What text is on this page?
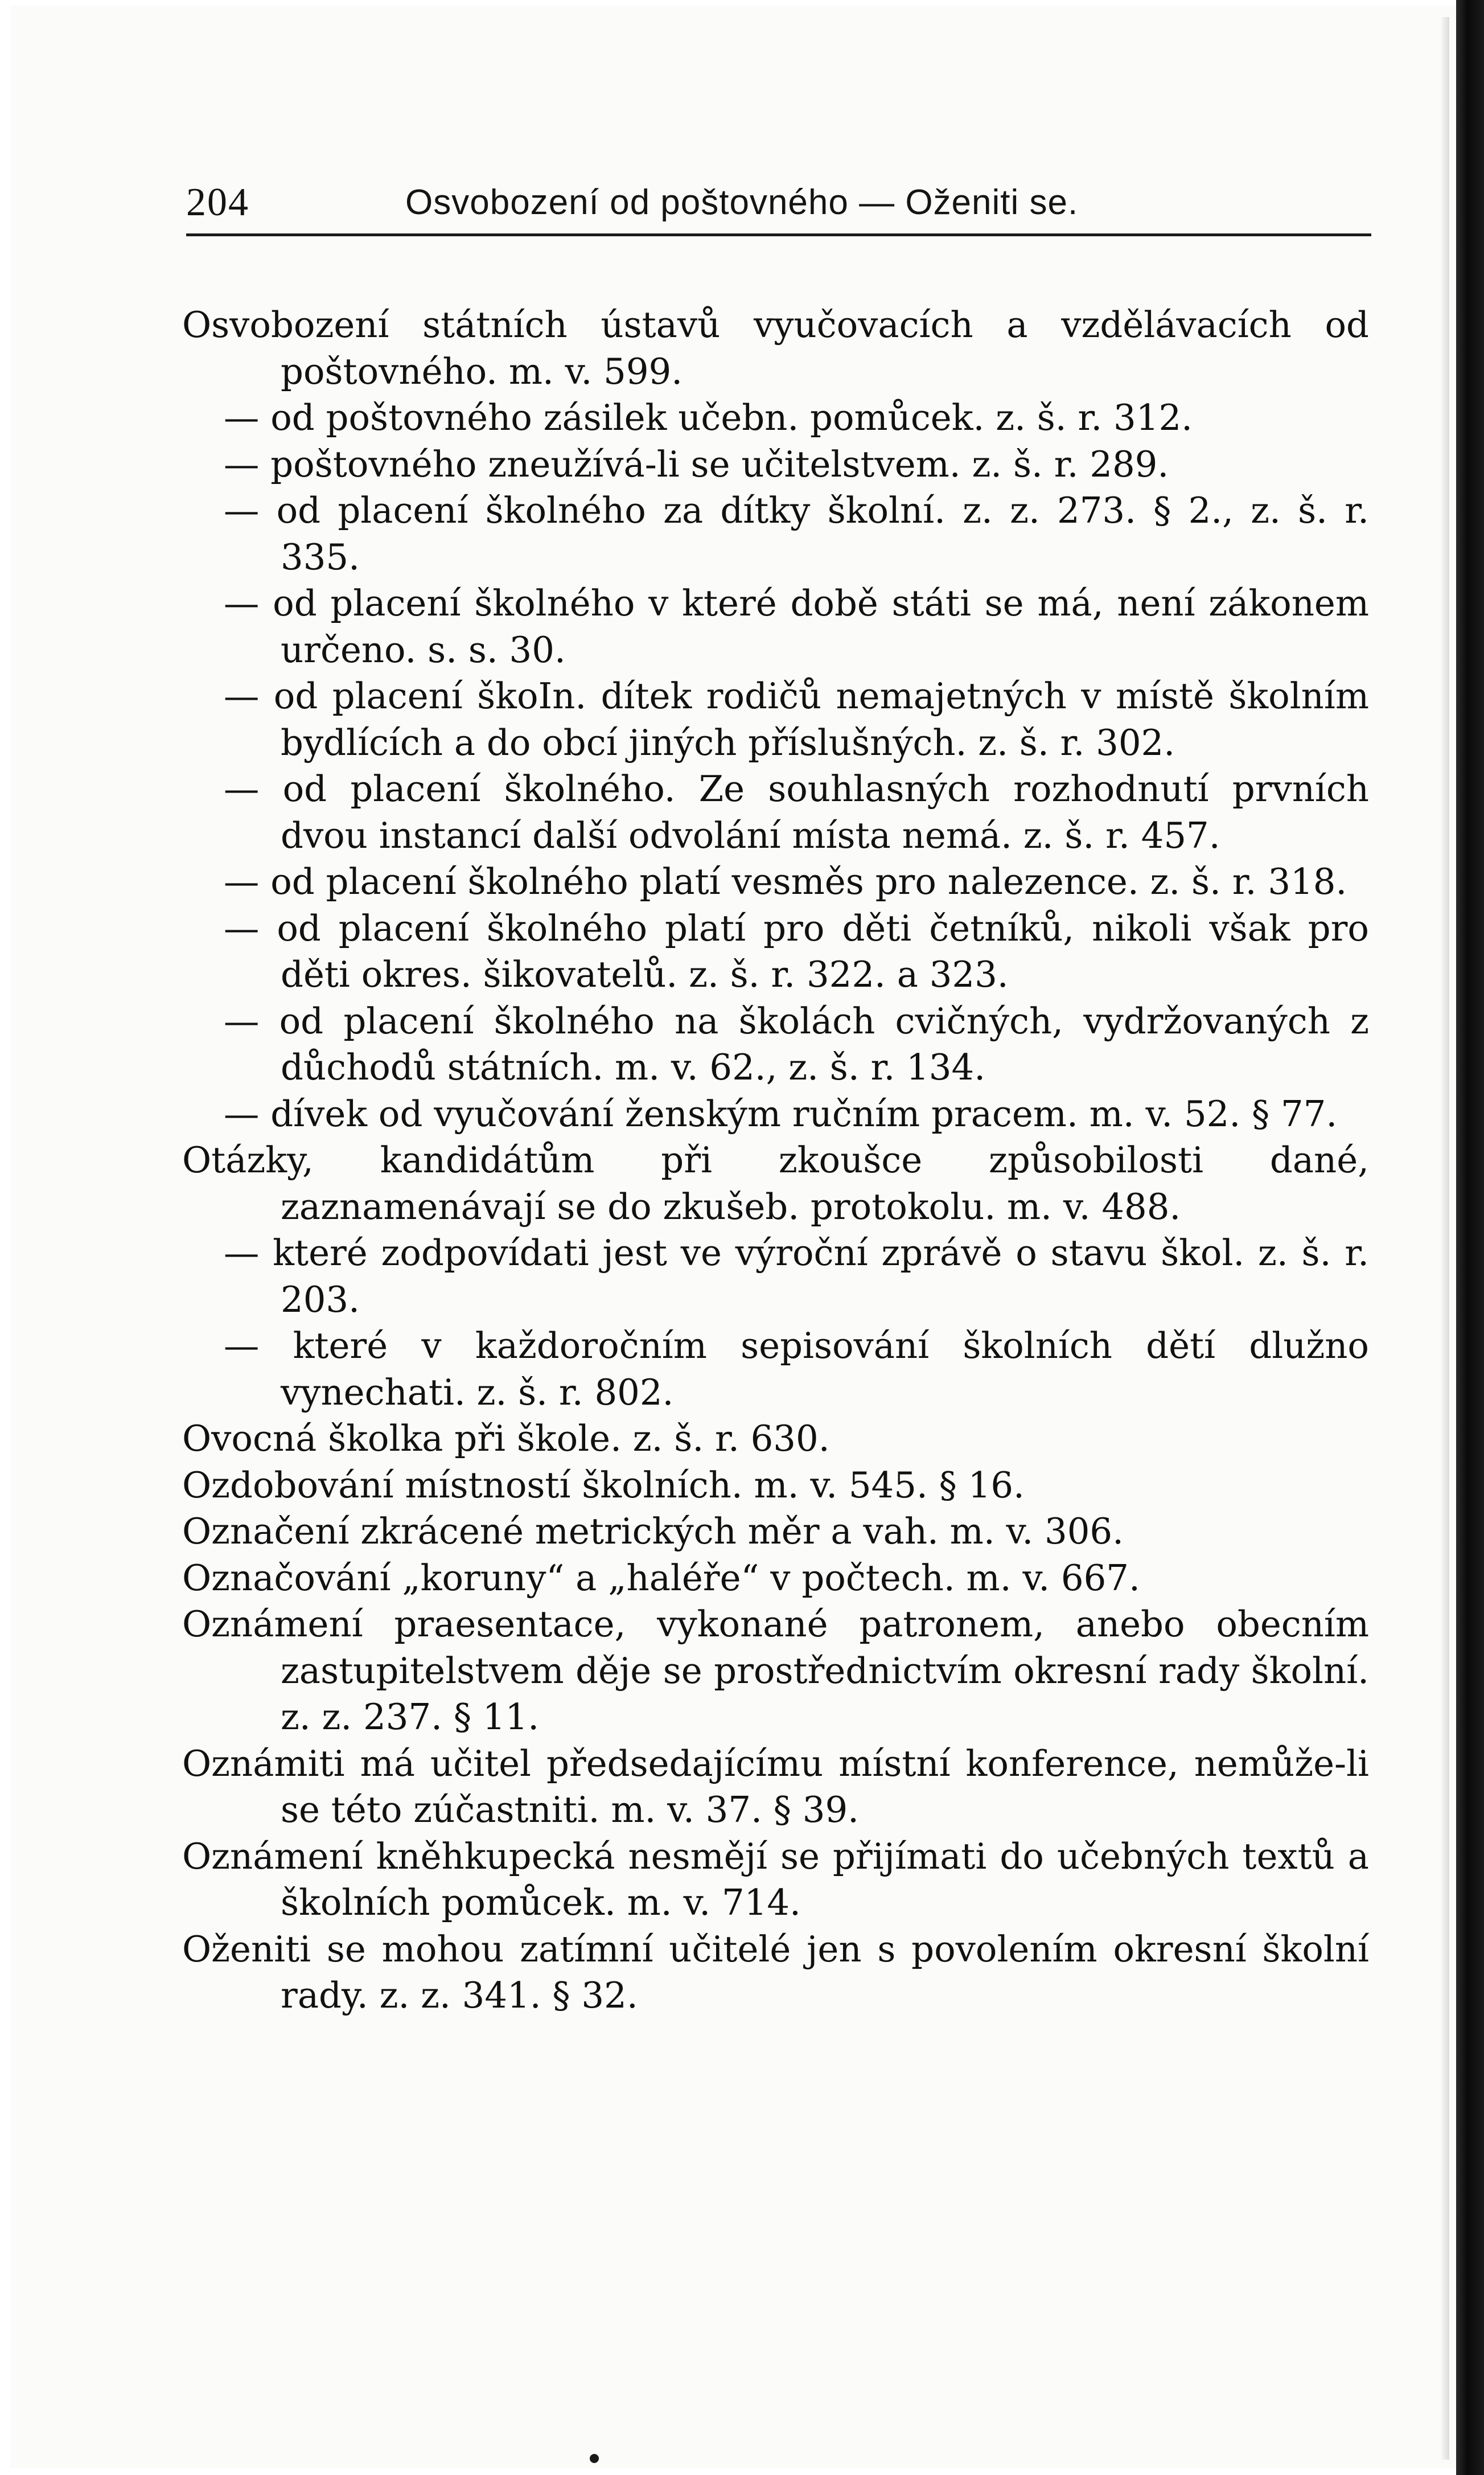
204	Osvobození od poštovného — Oženiti se.
Osvobození státních ústavů vyučovacích a vzdělávacích od poštovného. m. v. 599.
— od poštovného zásilek učebn. pomůcek. z. š. r. 312.
— poštovného zneužívá-li se učitelstvem. z. š. r. 289.
— od placení školného za dítky školní. z. z. 273. § 2., z. š. r. 335.
— od placení školného v které době státi se má, není zákonem určeno. s. s. 30.
— od placení škoIn. dítek rodičů nemajetných v místě školním bydlících a do obcí jiných příslušných. z. š. r. 302.
— od placení školného. Ze souhlasných rozhodnutí prvních dvou instancí další odvolání místa nemá. z. š. r. 457.
— od placení školného platí vesměs pro nalezence. z. š. r. 318.
— od placení školného platí pro děti četníků, nikoli však pro děti okres. šikovatelů. z. š. r. 322. a 323.
— od placení školného na školách cvičných, vydržovaných z důchodů státních. m. v. 62., z. š. r. 134.
— dívek od vyučování ženským ručním pracem. m. v. 52. § 77.
Otázky, kandidátům při zkoušce způsobilosti dané, zaznamenávají se do zkušeb. protokolu. m. v. 488.
— které zodpovídati jest ve výroční zprávě o stavu škol. z. š. r. 203.
— které v každoročním sepisování školních dětí dlužno vynechati. z. š. r. 802.
Ovocná školka při škole. z. š. r. 630.
Ozdobování místností školních. m. v. 545. § 16.
Označení zkrácené metrických měr a vah. m. v. 306.
Označování „koruny“ a „haléře“ v počtech. m. v. 667.
Oznámení praesentace, vykonané patronem, anebo obecním zastupitelstvem děje se prostřednictvím okresní rady školní. z. z. 237. § 11.
Oznámiti má učitel předsedajícímu místní konference, nemůže-li se této zúčastniti. m. v. 37. § 39.
Oznámení kněhkupecká nesmějí se přijímati do učebných textů a školních pomůcek. m. v. 714.
Oženiti se mohou zatímní učitelé jen s povolením okresní školní rady. z. z. 341. § 32.
